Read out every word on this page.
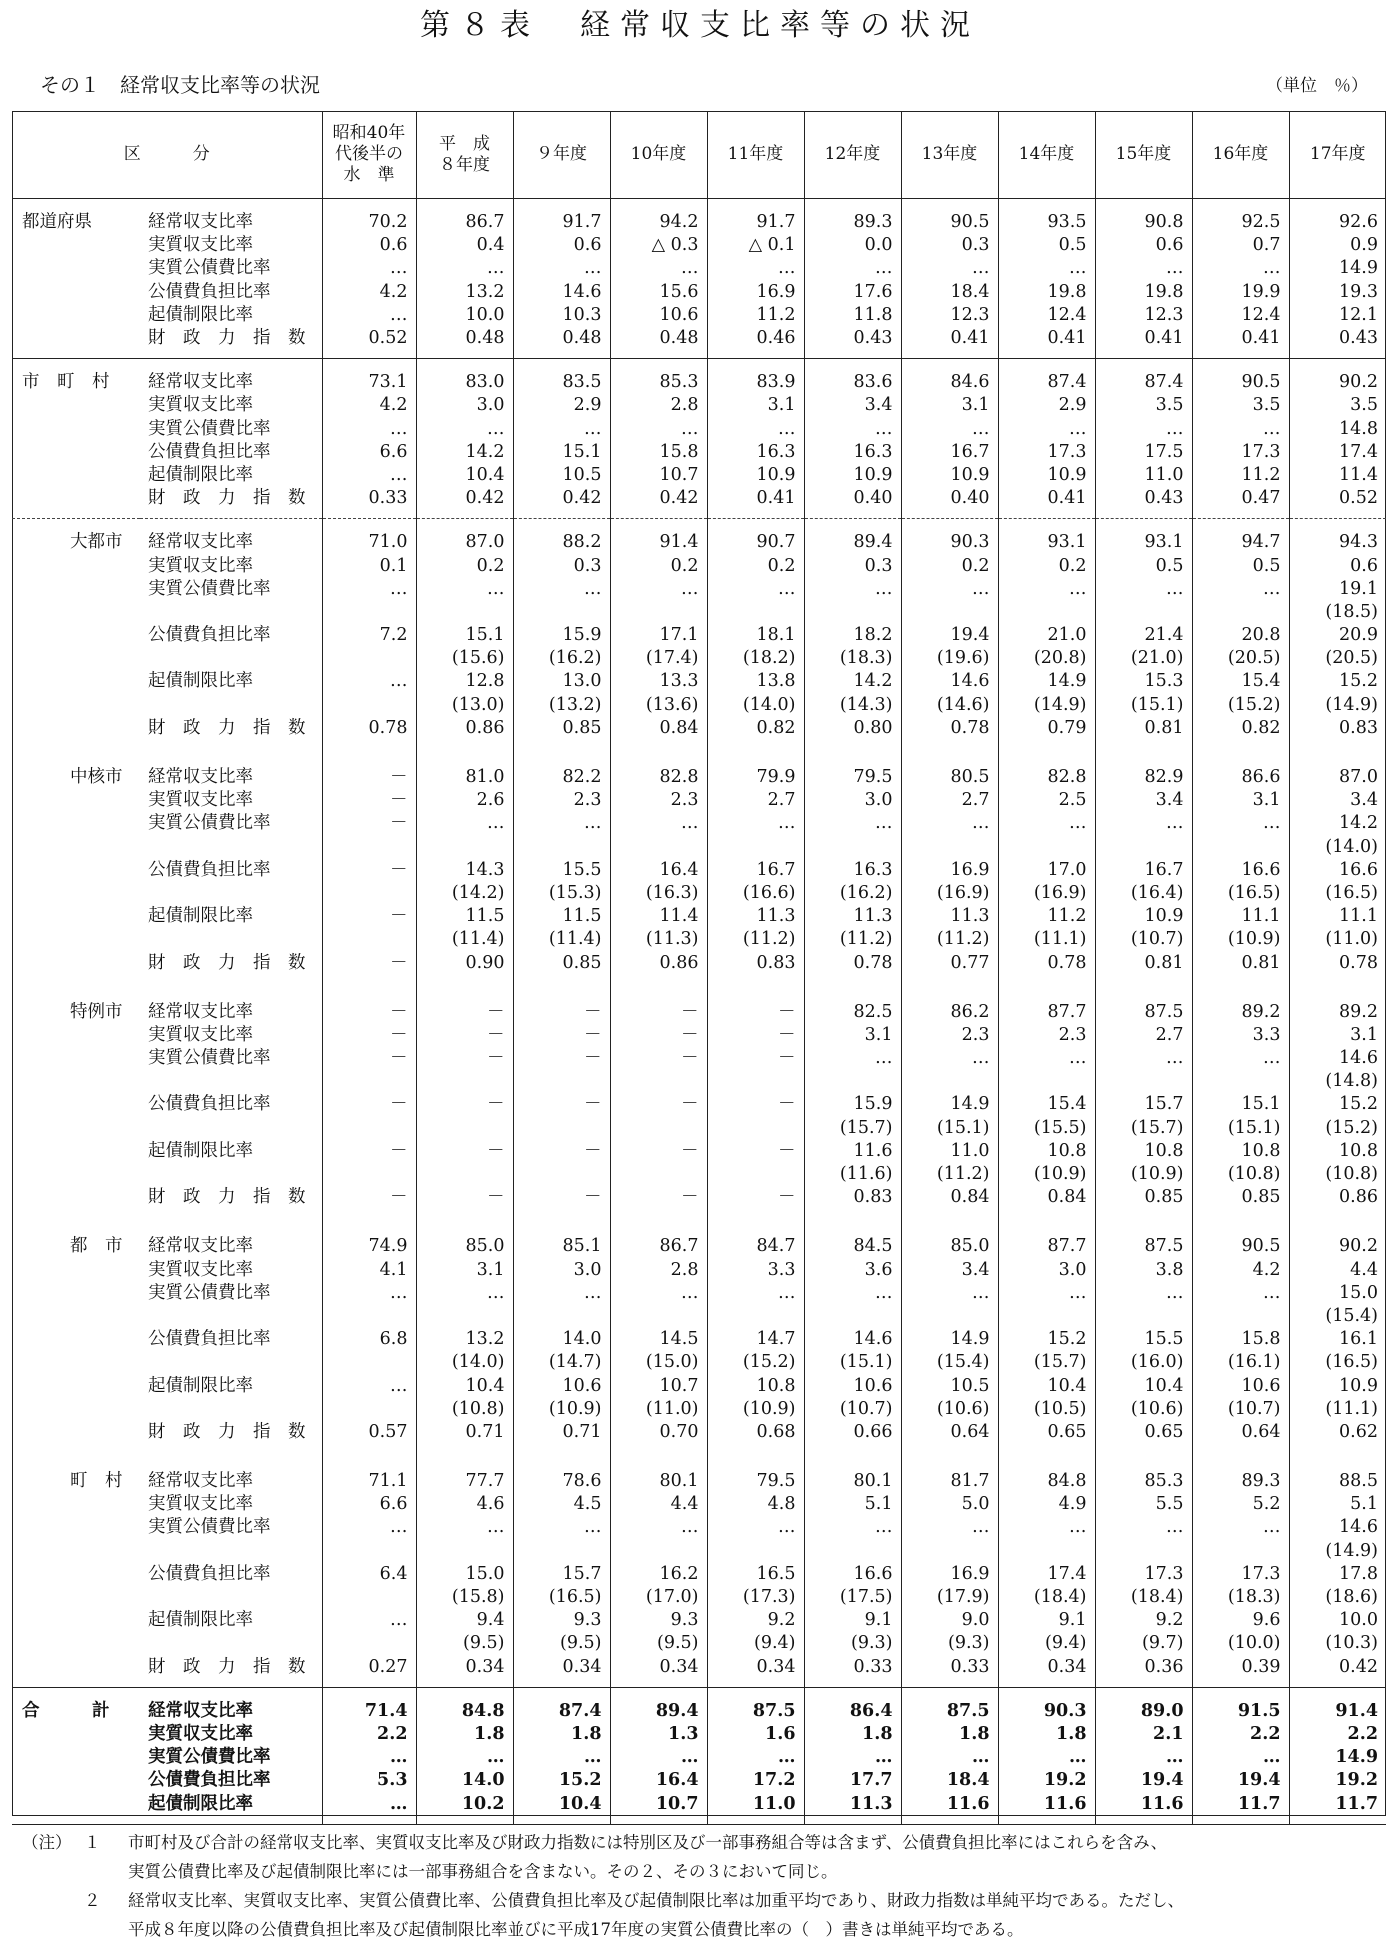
第８表　経常収支比率等の状況
その１　経常収支比率等の状況	（単位　％）
区 分		昭和40年代後半の水　準	平　成８年度	９年度	10年度	11年度	12年度	13年度	14年度	15年度	16年度	17年度
都道府県	経常収支比率	70.2	86.7	91.7	94.2	91.7	89.3	90.5	93.5	90.8	92.5	92.6
	実質収支比率	0.6	0.4	0.6	△ 0.3	△ 0.1	0.0	0.3	0.5	0.6	0.7	0.9
	実質公債費比率	…	…	…	…	…	…	…	…	…	…	14.9
	公債費負担比率	4.2	13.2	14.6	15.6	16.9	17.6	18.4	19.8	19.8	19.9	19.3
	起債制限比率	…	10.0	10.3	10.6	11.2	11.8	12.3	12.4	12.3	12.4	12.1
	財　政　力　指　数	0.52	0.48	0.48	0.48	0.46	0.43	0.41	0.41	0.41	0.41	0.43
市　町　村	経常収支比率	73.1	83.0	83.5	85.3	83.9	83.6	84.6	87.4	87.4	90.5	90.2
	実質収支比率	4.2	3.0	2.9	2.8	3.1	3.4	3.1	2.9	3.5	3.5	3.5
	実質公債費比率	…	…	…	…	…	…	…	…	…	…	14.8
	公債費負担比率	6.6	14.2	15.1	15.8	16.3	16.3	16.7	17.3	17.5	17.3	17.4
	起債制限比率	…	10.4	10.5	10.7	10.9	10.9	10.9	10.9	11.0	11.2	11.4
	財　政　力　指　数	0.33	0.42	0.42	0.42	0.41	0.40	0.40	0.41	0.43	0.47	0.52
大都市	経常収支比率	71.0	87.0	88.2	91.4	90.7	89.4	90.3	93.1	93.1	94.7	94.3
	実質収支比率	0.1	0.2	0.3	0.2	0.2	0.3	0.2	0.2	0.5	0.5	0.6
	実質公債費比率	…	…	…	…	…	…	…	…	…	…	19.1
												(18.5)
	公債費負担比率	7.2	15.1	15.9	17.1	18.1	18.2	19.4	21.0	21.4	20.8	20.9
			(15.6)	(16.2)	(17.4)	(18.2)	(18.3)	(19.6)	(20.8)	(21.0)	(20.5)	(20.5)
	起債制限比率	…	12.8	13.0	13.3	13.8	14.2	14.6	14.9	15.3	15.4	15.2
			(13.0)	(13.2)	(13.6)	(14.0)	(14.3)	(14.6)	(14.9)	(15.1)	(15.2)	(14.9)
	財　政　力　指　数	0.78	0.86	0.85	0.84	0.82	0.80	0.78	0.79	0.81	0.82	0.83
中核市	経常収支比率	－	81.0	82.2	82.8	79.9	79.5	80.5	82.8	82.9	86.6	87.0
	実質収支比率	－	2.6	2.3	2.3	2.7	3.0	2.7	2.5	3.4	3.1	3.4
	実質公債費比率	－	…	…	…	…	…	…	…	…	…	14.2
												(14.0)
	公債費負担比率	－	14.3	15.5	16.4	16.7	16.3	16.9	17.0	16.7	16.6	16.6
			(14.2)	(15.3)	(16.3)	(16.6)	(16.2)	(16.9)	(16.9)	(16.4)	(16.5)	(16.5)
	起債制限比率	－	11.5	11.5	11.4	11.3	11.3	11.3	11.2	10.9	11.1	11.1
			(11.4)	(11.4)	(11.3)	(11.2)	(11.2)	(11.2)	(11.1)	(10.7)	(10.9)	(11.0)
	財　政　力　指　数	－	0.90	0.85	0.86	0.83	0.78	0.77	0.78	0.81	0.81	0.78
特例市	経常収支比率	－	－	－	－	－	82.5	86.2	87.7	87.5	89.2	89.2
	実質収支比率	－	－	－	－	－	3.1	2.3	2.3	2.7	3.3	3.1
	実質公債費比率	－	－	－	－	－	…	…	…	…	…	14.6
												(14.8)
	公債費負担比率	－	－	－	－	－	15.9	14.9	15.4	15.7	15.1	15.2
							(15.7)	(15.1)	(15.5)	(15.7)	(15.1)	(15.2)
	起債制限比率	－	－	－	－	－	11.6	11.0	10.8	10.8	10.8	10.8
							(11.6)	(11.2)	(10.9)	(10.9)	(10.8)	(10.8)
	財　政　力　指　数	－	－	－	－	－	0.83	0.84	0.84	0.85	0.85	0.86
都　市	経常収支比率	74.9	85.0	85.1	86.7	84.7	84.5	85.0	87.7	87.5	90.5	90.2
	実質収支比率	4.1	3.1	3.0	2.8	3.3	3.6	3.4	3.0	3.8	4.2	4.4
	実質公債費比率	…	…	…	…	…	…	…	…	…	…	15.0
												(15.4)
	公債費負担比率	6.8	13.2	14.0	14.5	14.7	14.6	14.9	15.2	15.5	15.8	16.1
			(14.0)	(14.7)	(15.0)	(15.2)	(15.1)	(15.4)	(15.7)	(16.0)	(16.1)	(16.5)
	起債制限比率	…	10.4	10.6	10.7	10.8	10.6	10.5	10.4	10.4	10.6	10.9
			(10.8)	(10.9)	(11.0)	(10.9)	(10.7)	(10.6)	(10.5)	(10.6)	(10.7)	(11.1)
	財　政　力　指　数	0.57	0.71	0.71	0.70	0.68	0.66	0.64	0.65	0.65	0.64	0.62
町　村	経常収支比率	71.1	77.7	78.6	80.1	79.5	80.1	81.7	84.8	85.3	89.3	88.5
	実質収支比率	6.6	4.6	4.5	4.4	4.8	5.1	5.0	4.9	5.5	5.2	5.1
	実質公債費比率	…	…	…	…	…	…	…	…	…	…	14.6
												(14.9)
	公債費負担比率	6.4	15.0	15.7	16.2	16.5	16.6	16.9	17.4	17.3	17.3	17.8
			(15.8)	(16.5)	(17.0)	(17.3)	(17.5)	(17.9)	(18.4)	(18.4)	(18.3)	(18.6)
	起債制限比率	…	9.4	9.3	9.3	9.2	9.1	9.0	9.1	9.2	9.6	10.0
			(9.5)	(9.5)	(9.5)	(9.4)	(9.3)	(9.3)	(9.4)	(9.7)	(10.0)	(10.3)
	財　政　力　指　数	0.27	0.34	0.34	0.34	0.34	0.33	0.33	0.34	0.36	0.39	0.42
合　　　計	経常収支比率	71.4	84.8	87.4	89.4	87.5	86.4	87.5	90.3	89.0	91.5	91.4
	実質収支比率	2.2	1.8	1.8	1.3	1.6	1.8	1.8	1.8	2.1	2.2	2.2
	実質公債費比率	…	…	…	…	…	…	…	…	…	…	14.9
	公債費負担比率	5.3	14.0	15.2	16.4	17.2	17.7	18.4	19.2	19.4	19.4	19.2
	起債制限比率	…	10.2	10.4	10.7	11.0	11.3	11.6	11.6	11.6	11.7	11.7
（注） １	市町村及び合計の経常収支比率、実質収支比率及び財政力指数には特別区及び一部事務組合等は含まず、公債費負担比率にはこれらを含み、
実質公債費比率及び起債制限比率には一部事務組合を含まない。その２、その３において同じ。
２	経常収支比率、実質収支比率、実質公債費比率、公債費負担比率及び起債制限比率は加重平均であり、財政力指数は単純平均である。ただし、
平成８年度以降の公債費負担比率及び起債制限比率並びに平成17年度の実質公債費比率の（　）書きは単純平均である。
